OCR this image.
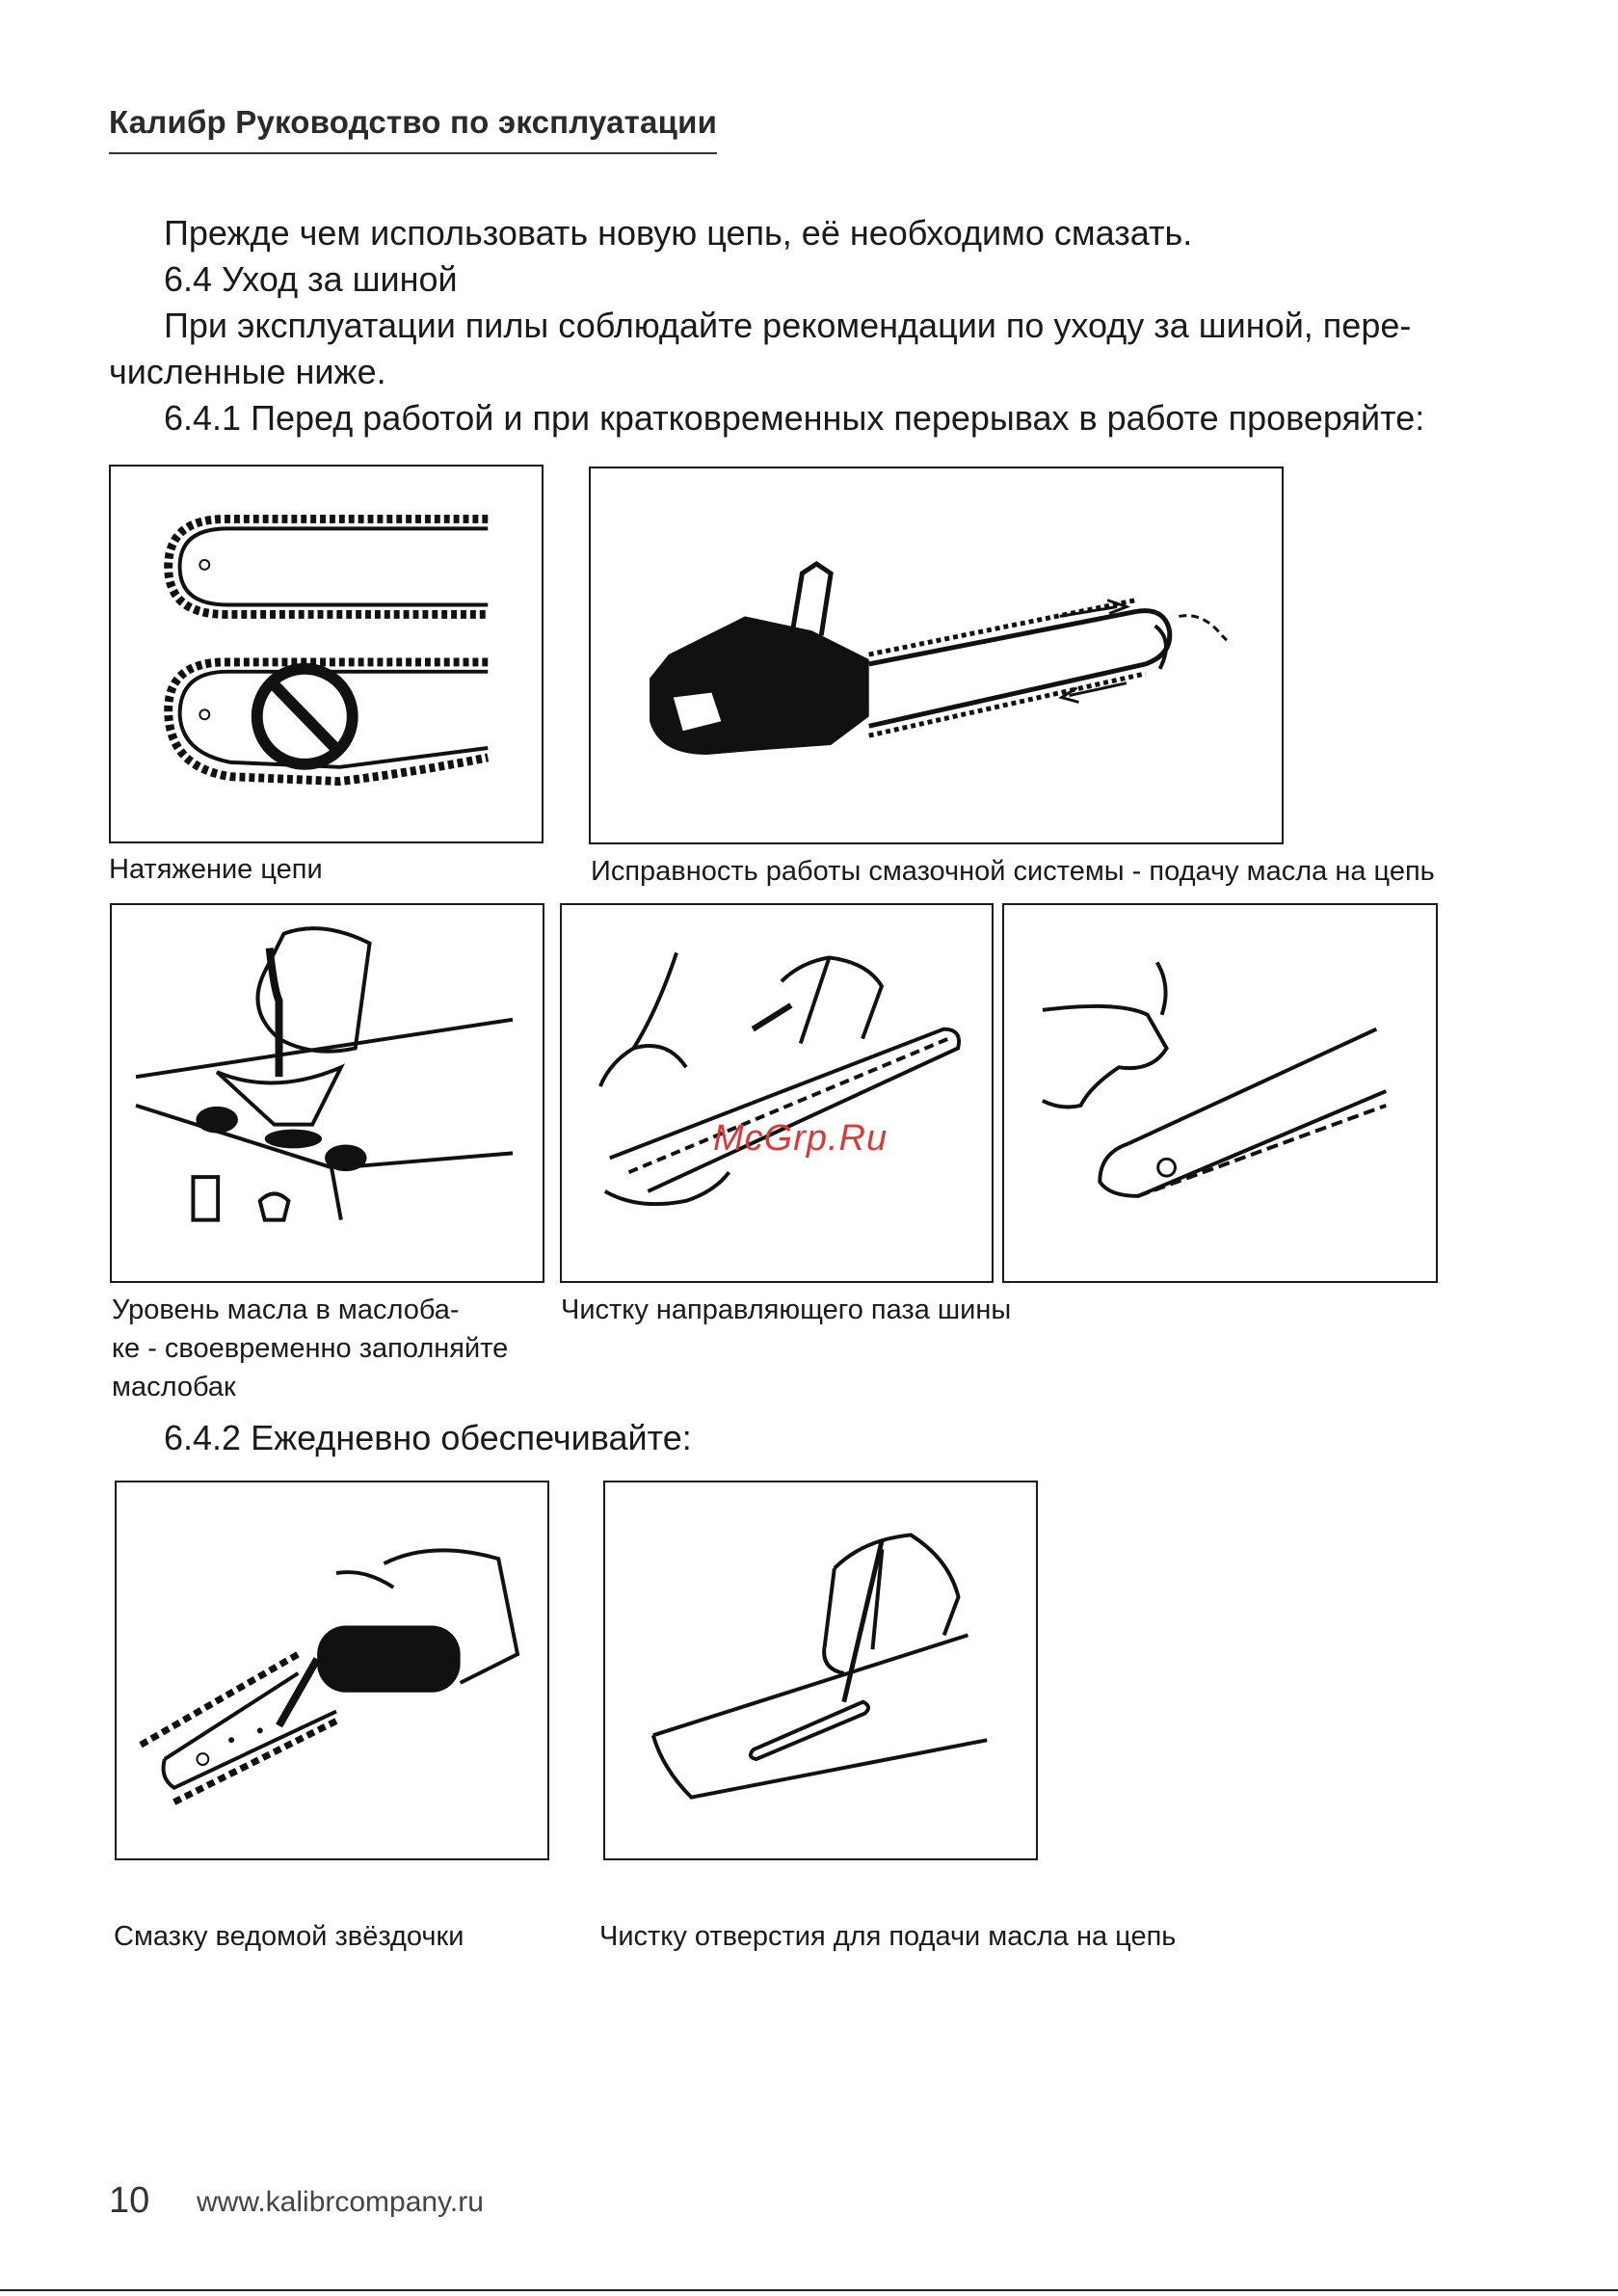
Калибр Руководство по эксплуатации

Прежде чем использовать новую цепь, её необходимо смазать.

6.4 Уход за шиной

При эксплуатации пилы соблюдайте рекомендации по уходу за шиной, пере-

численные ниже.

6.4.1 Перед работой и при кратковременных перерывах в работе проверяйте:

Натяжение цепи	Исправность работы смазочной системы - подачу масла на цепь

Уровень масла в маслоба-

ке - своевременно заполняйте

маслобак

Чистку направляющего паза шины

McGrp.Ru

6.4.2 Ежедневно обеспечивайте:

Смазку ведомой звёздочки	Чистку отверстия для подачи масла на цепь

10 www.kalibrcompany.ru
